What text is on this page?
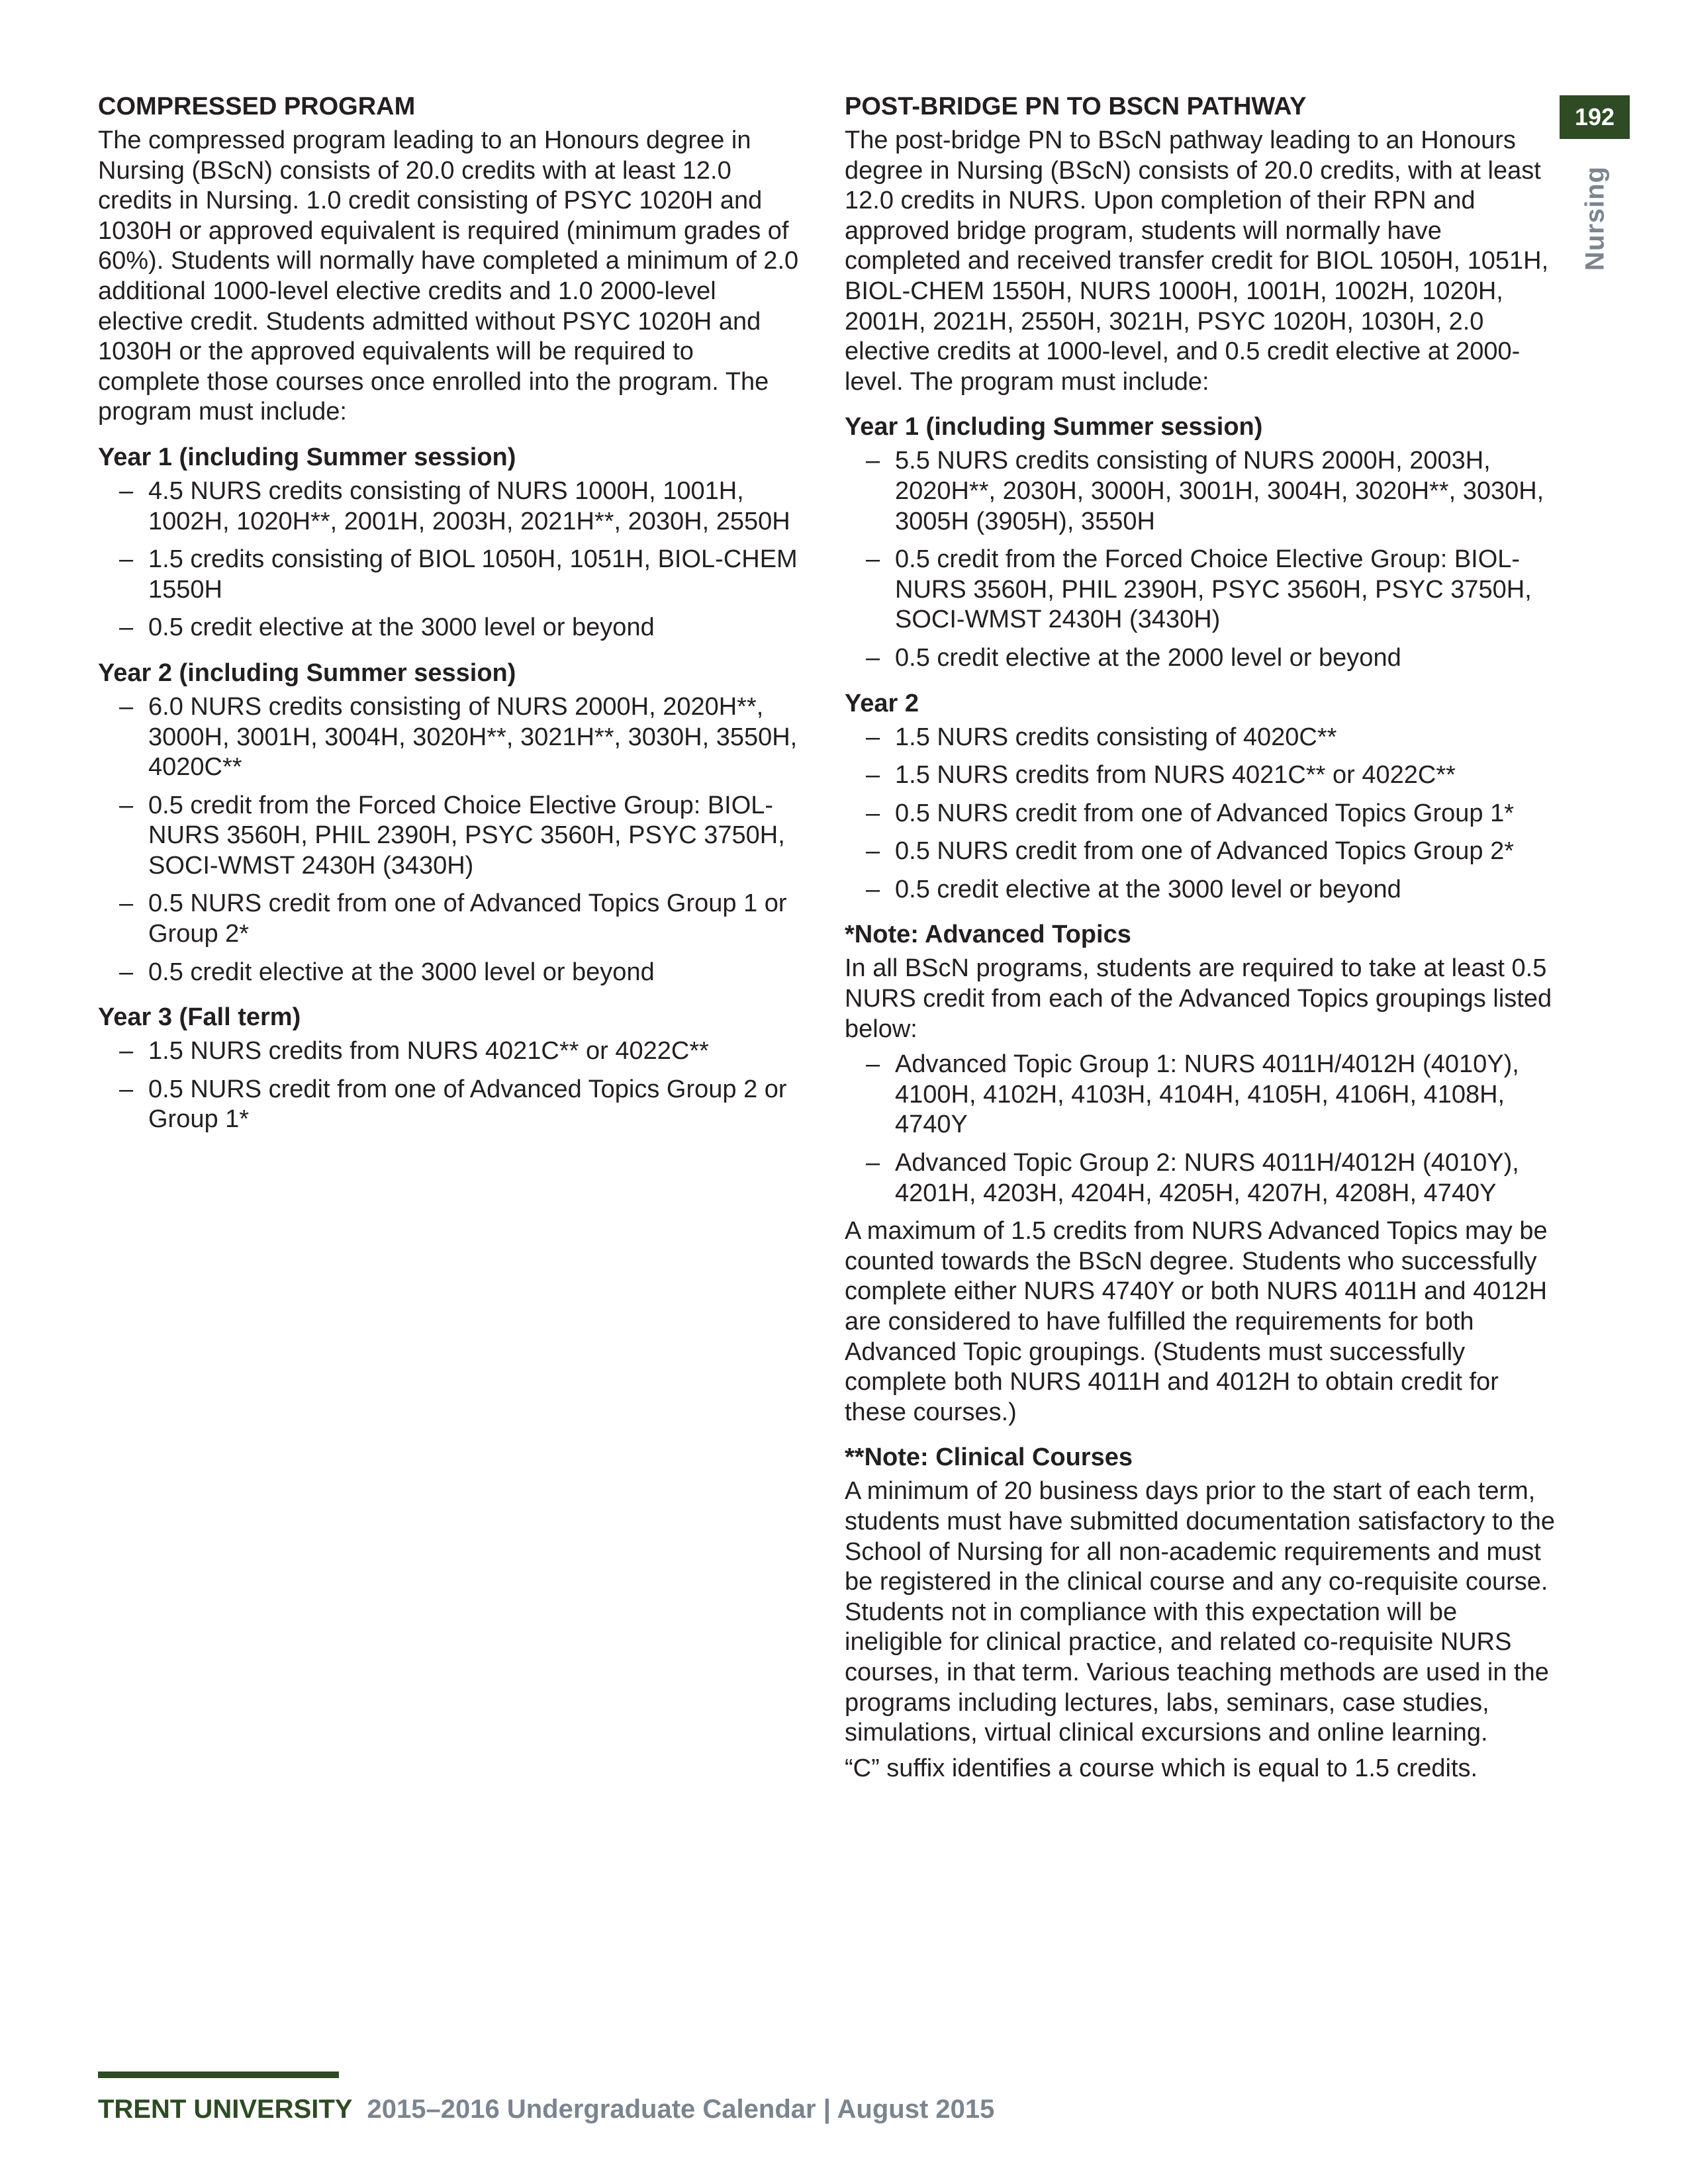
192
Nursing
COMPRESSED PROGRAM

The compressed program leading to an Honours degree in Nursing (BScN) consists of 20.0 credits with at least 12.0 credits in Nursing. 1.0 credit consisting of PSYC 1020H and 1030H or approved equivalent is required (minimum grades of 60%). Students will normally have completed a minimum of 2.0 additional 1000-level elective credits and 1.0 2000-level elective credit. Students admitted without PSYC 1020H and 1030H or the approved equivalents will be required to complete those courses once enrolled into the program. The program must include:

Year 1 (including Summer session)
– 4.5 NURS credits consisting of NURS 1000H, 1001H, 1002H, 1020H**, 2001H, 2003H, 2021H**, 2030H, 2550H
– 1.5 credits consisting of BIOL 1050H, 1051H, BIOL-CHEM 1550H
– 0.5 credit elective at the 3000 level or beyond
Year 2 (including Summer session)
– 6.0 NURS credits consisting of NURS 2000H, 2020H**, 3000H, 3001H, 3004H, 3020H**, 3021H**, 3030H, 3550H, 4020C**
– 0.5 credit from the Forced Choice Elective Group: BIOL-NURS 3560H, PHIL 2390H, PSYC 3560H, PSYC 3750H, SOCI-WMST 2430H (3430H)
– 0.5 NURS credit from one of Advanced Topics Group 1 or Group 2*
– 0.5 credit elective at the 3000 level or beyond
Year 3 (Fall term)
– 1.5 NURS credits from NURS 4021C** or 4022C**
– 0.5 NURS credit from one of Advanced Topics Group 2 or Group 1*
POST-BRIDGE PN TO BSCN PATHWAY

The post-bridge PN to BScN pathway leading to an Honours degree in Nursing (BScN) consists of 20.0 credits, with at least 12.0 credits in NURS. Upon completion of their RPN and approved bridge program, students will normally have completed and received transfer credit for BIOL 1050H, 1051H, BIOL-CHEM 1550H, NURS 1000H, 1001H, 1002H, 1020H, 2001H, 2021H, 2550H, 3021H, PSYC 1020H, 1030H, 2.0 elective credits at 1000-level, and 0.5 credit elective at 2000-level. The program must include:

Year 1 (including Summer session)
– 5.5 NURS credits consisting of NURS 2000H, 2003H, 2020H**, 2030H, 3000H, 3001H, 3004H, 3020H**, 3030H, 3005H (3905H), 3550H
– 0.5 credit from the Forced Choice Elective Group: BIOL-NURS 3560H, PHIL 2390H, PSYC 3560H, PSYC 3750H, SOCI-WMST 2430H (3430H)
– 0.5 credit elective at the 2000 level or beyond
Year 2
– 1.5 NURS credits consisting of 4020C**
– 1.5 NURS credits from NURS 4021C** or 4022C**
– 0.5 NURS credit from one of Advanced Topics Group 1*
– 0.5 NURS credit from one of Advanced Topics Group 2*
– 0.5 credit elective at the 3000 level or beyond
*Note: Advanced Topics

In all BScN programs, students are required to take at least 0.5 NURS credit from each of the Advanced Topics groupings listed below:

– Advanced Topic Group 1: NURS 4011H/4012H (4010Y), 4100H, 4102H, 4103H, 4104H, 4105H, 4106H, 4108H, 4740Y
– Advanced Topic Group 2: NURS 4011H/4012H (4010Y), 4201H, 4203H, 4204H, 4205H, 4207H, 4208H, 4740Y

A maximum of 1.5 credits from NURS Advanced Topics may be counted towards the BScN degree. Students who successfully complete either NURS 4740Y or both NURS 4011H and 4012H are considered to have fulfilled the requirements for both Advanced Topic groupings. (Students must successfully complete both NURS 4011H and 4012H to obtain credit for these courses.)

**Note: Clinical Courses

A minimum of 20 business days prior to the start of each term, students must have submitted documentation satisfactory to the School of Nursing for all non-academic requirements and must be registered in the clinical course and any co-requisite course. Students not in compliance with this expectation will be ineligible for clinical practice, and related co-requisite NURS courses, in that term. Various teaching methods are used in the programs including lectures, labs, seminars, case studies, simulations, virtual clinical excursions and online learning.

“C” suffix identifies a course which is equal to 1.5 credits.

TRENT UNIVERSITY 2015–2016 Undergraduate Calendar | August 2015
